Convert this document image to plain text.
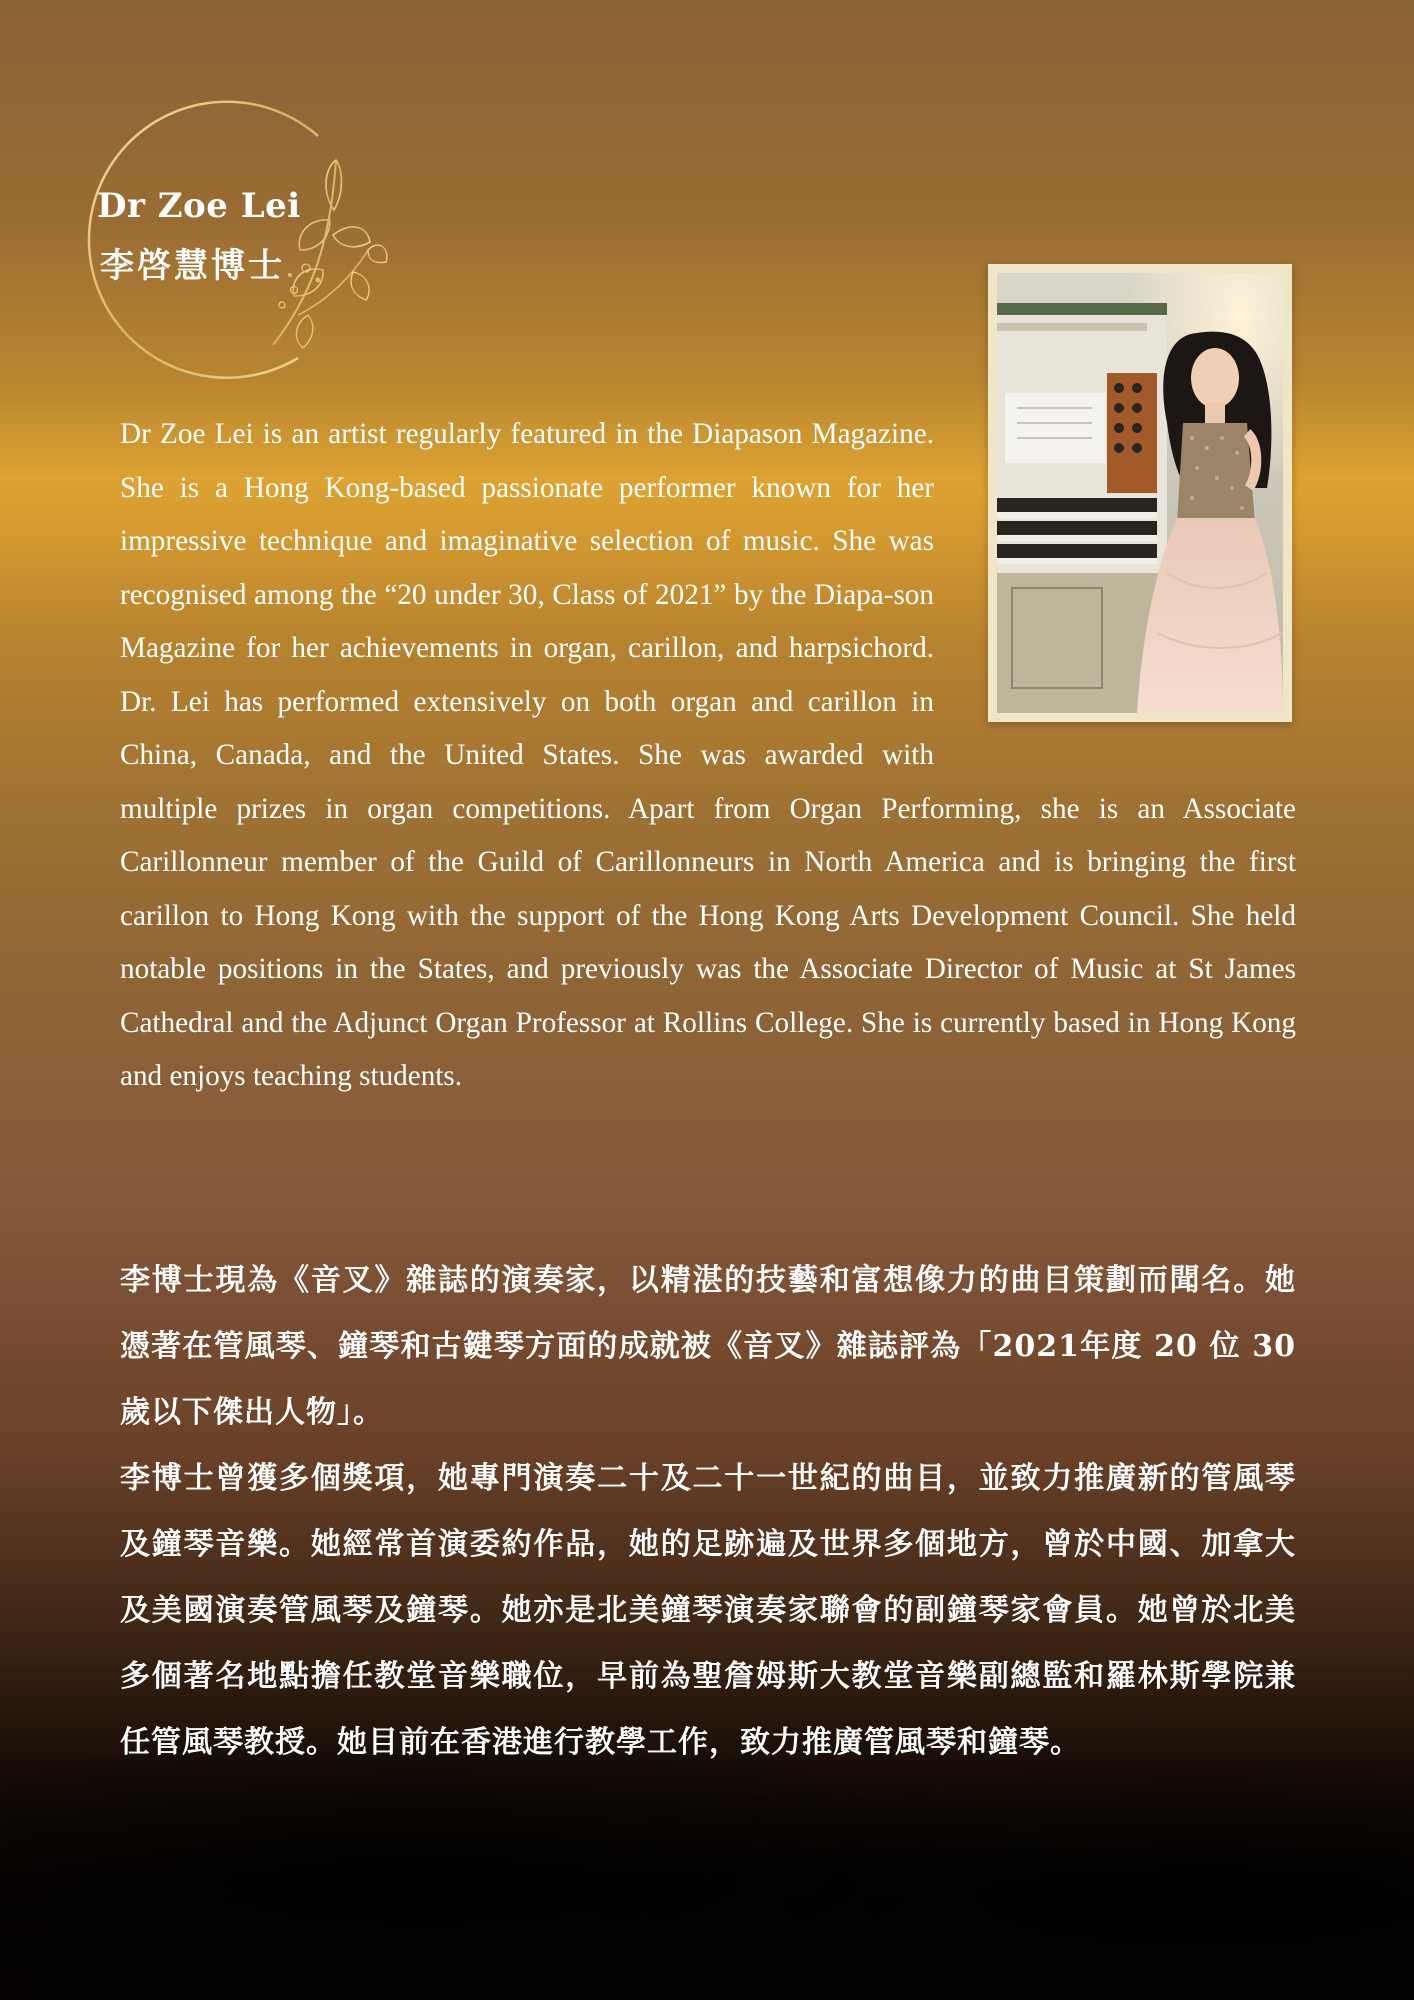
Dr Zoe Lei
李啓慧博士
Dr Zoe Lei is an artist regularly featured in the Diapason Magazine. She is a Hong Kong-based passionate performer known for her impressive technique and imaginative selection of music. She was recognised among the “20 under 30, Class of 2021” by the Diapa-son Magazine for her achievements in organ, carillon, and harpsichord. Dr. Lei has performed extensively on both organ and carillon in China, Canada, and the United States. She was awarded with multiple prizes in organ competitions. Apart from Organ Performing, she is an Associate Carillonneur member of the Guild of Carillonneurs in North America and is bringing the first carillon to Hong Kong with the support of the Hong Kong Arts Development Council. She held notable positions in the States, and previously was the Associate Director of Music at St James Cathedral and the Adjunct Organ Professor at Rollins College. She is currently based in Hong Kong and enjoys teaching students.

李博士現為《音叉》雜誌的演奏家，以精湛的技藝和富想像力的曲目策劃而聞名。她憑著在管風琴、鐘琴和古鍵琴方面的成就被《音叉》雜誌評為「2021年度 20 位 30 歲以下傑出人物」。

李博士曾獲多個獎項，她專門演奏二十及二十一世紀的曲目，並致力推廣新的管風琴及鐘琴音樂。她經常首演委約作品，她的足跡遍及世界多個地方，曾於中國、加拿大及美國演奏管風琴及鐘琴。她亦是北美鐘琴演奏家聯會的副鐘琴家會員。她曾於北美多個著名地點擔任教堂音樂職位，早前為聖詹姆斯大教堂音樂副總監和羅林斯學院兼任管風琴教授。她目前在香港進行教學工作，致力推廣管風琴和鐘琴。
